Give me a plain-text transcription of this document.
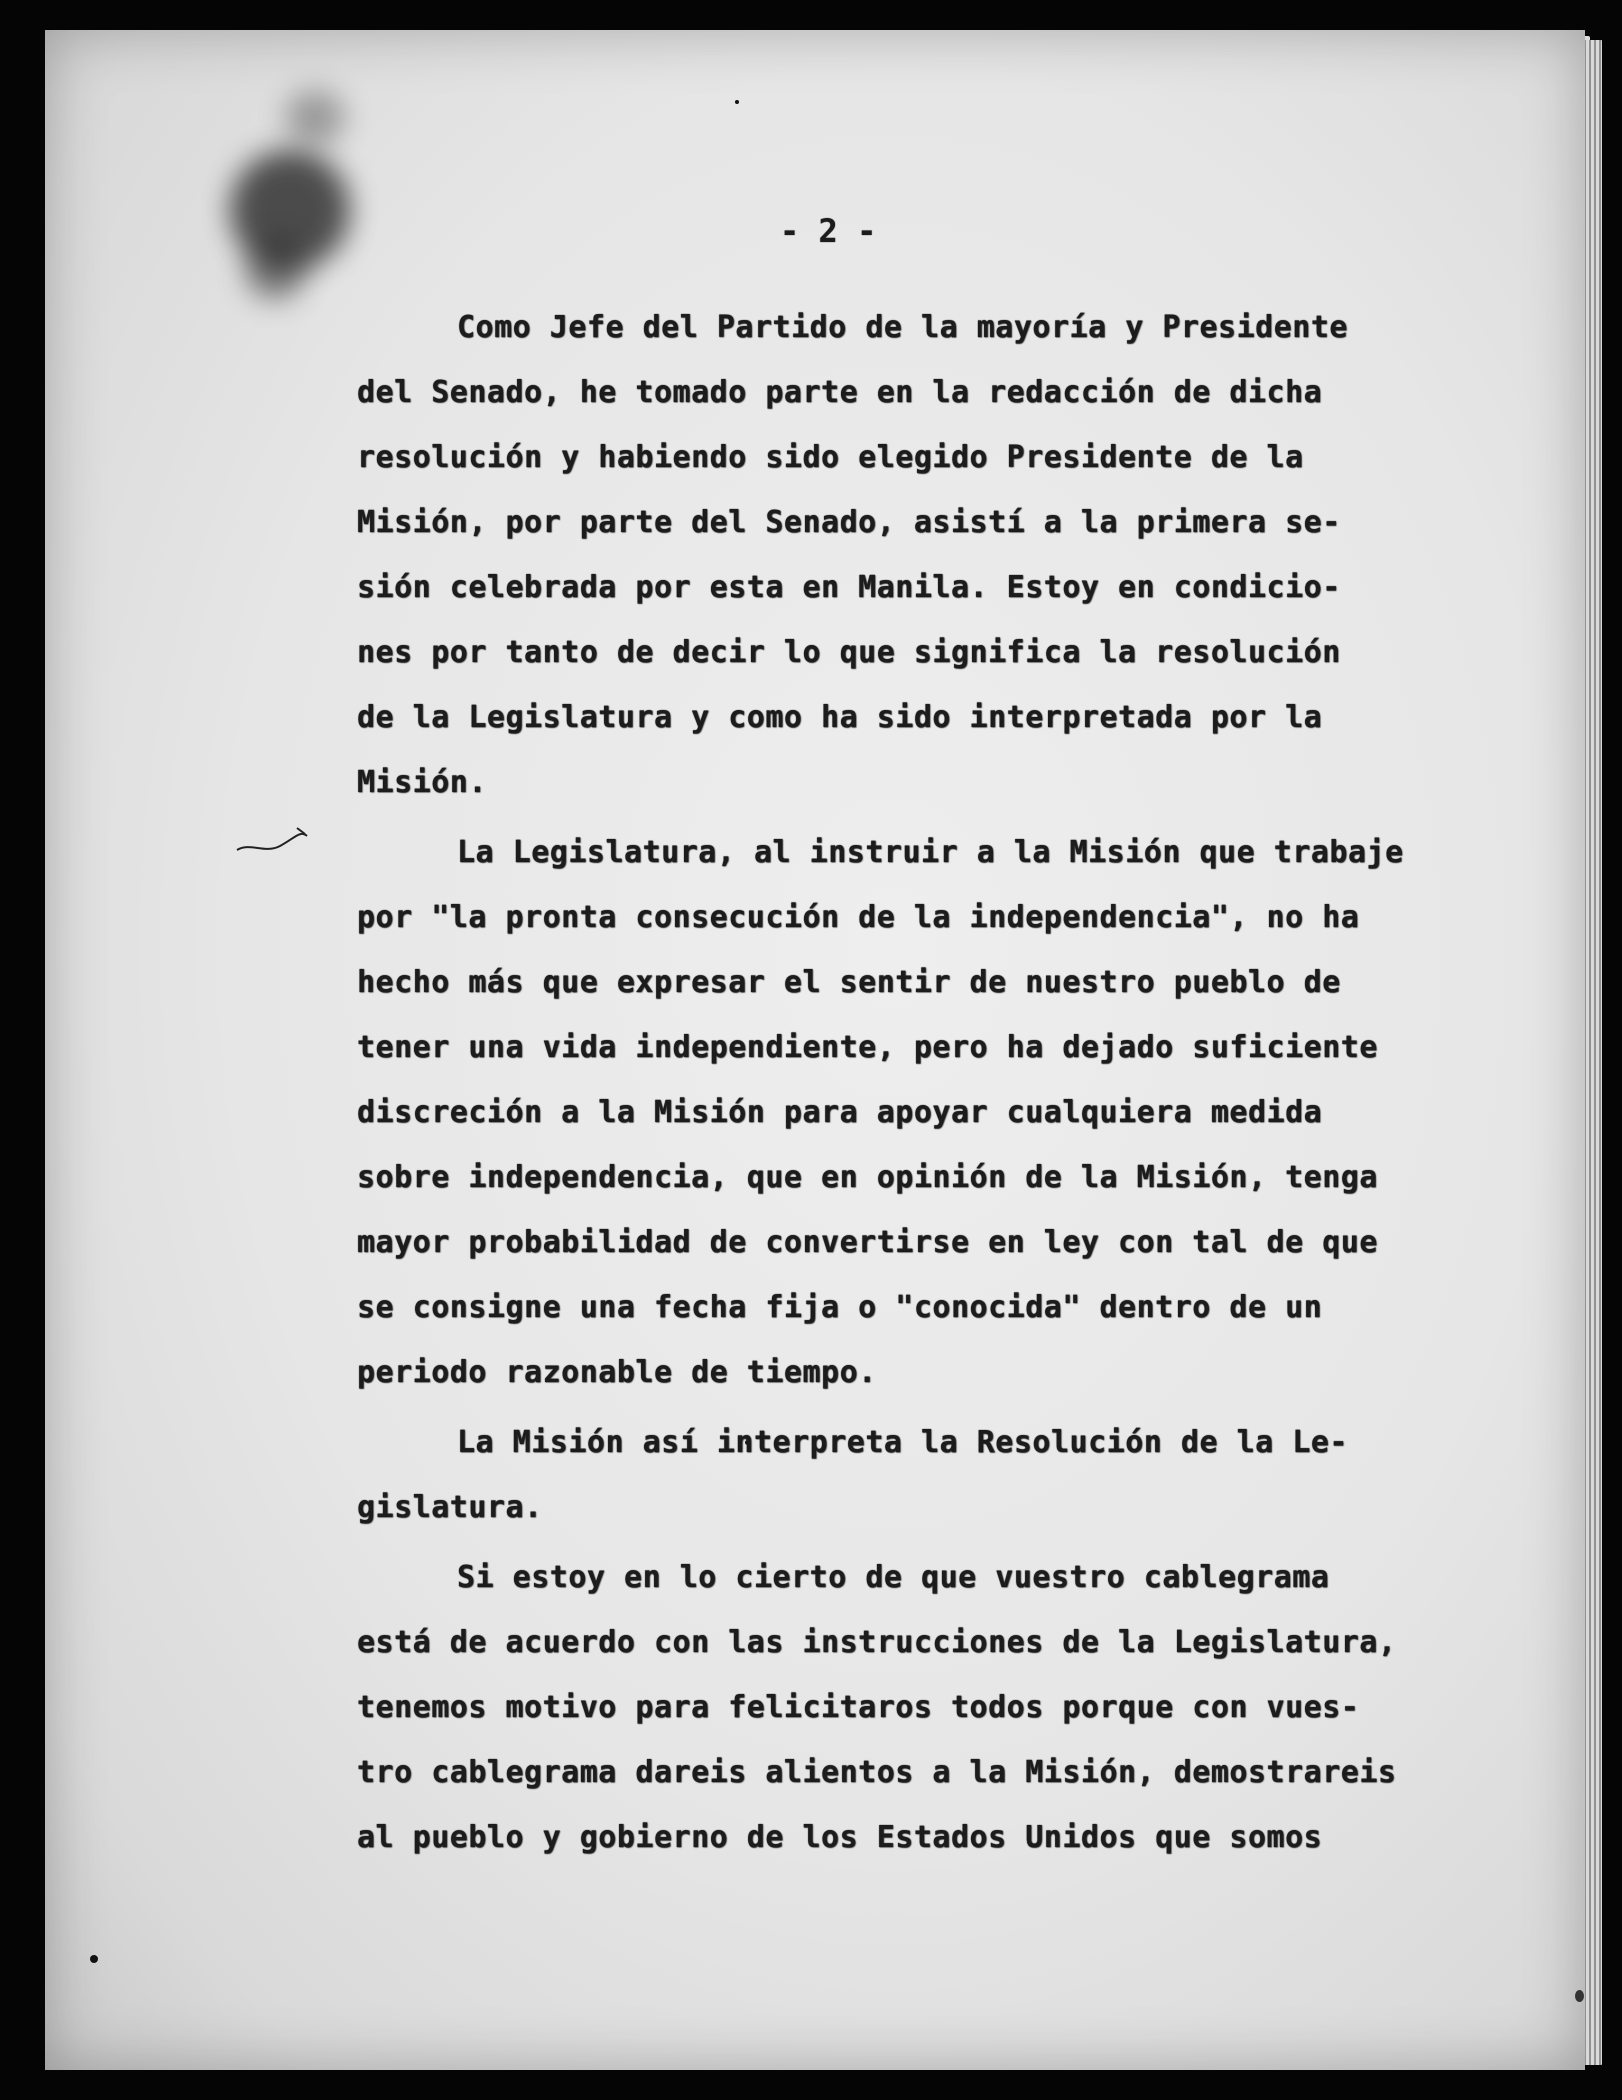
- 2 -
Como Jefe del Partido de la mayoría y Presidente
del Senado, he tomado parte en la redacción de dicha
resolución y habiendo sido elegido Presidente de la
Misión, por parte del Senado, asistí a la primera se-
sión celebrada por esta en Manila. Estoy en condicio-
nes por tanto de decir lo que significa la resolución
de la Legislatura y como ha sido interpretada por la
Misión.
La Legislatura, al instruir a la Misión que trabaje
por "la pronta consecución de la independencia", no ha
hecho más que expresar el sentir de nuestro pueblo de
tener una vida independiente, pero ha dejado suficiente
discreción a la Misión para apoyar cualquiera medida
sobre independencia, que en opinión de la Misión, tenga
mayor probabilidad de convertirse en ley con tal de que
se consigne una fecha fija o "conocida" dentro de un
periodo razonable de tiempo.
La Misión así interpreta la Resolución de la Le-
gislatura.
Si estoy en lo cierto de que vuestro cablegrama
está de acuerdo con las instrucciones de la Legislatura,
tenemos motivo para felicitaros todos porque con vues-
tro cablegrama dareis alientos a la Misión, demostrareis
al pueblo y gobierno de los Estados Unidos que somos
